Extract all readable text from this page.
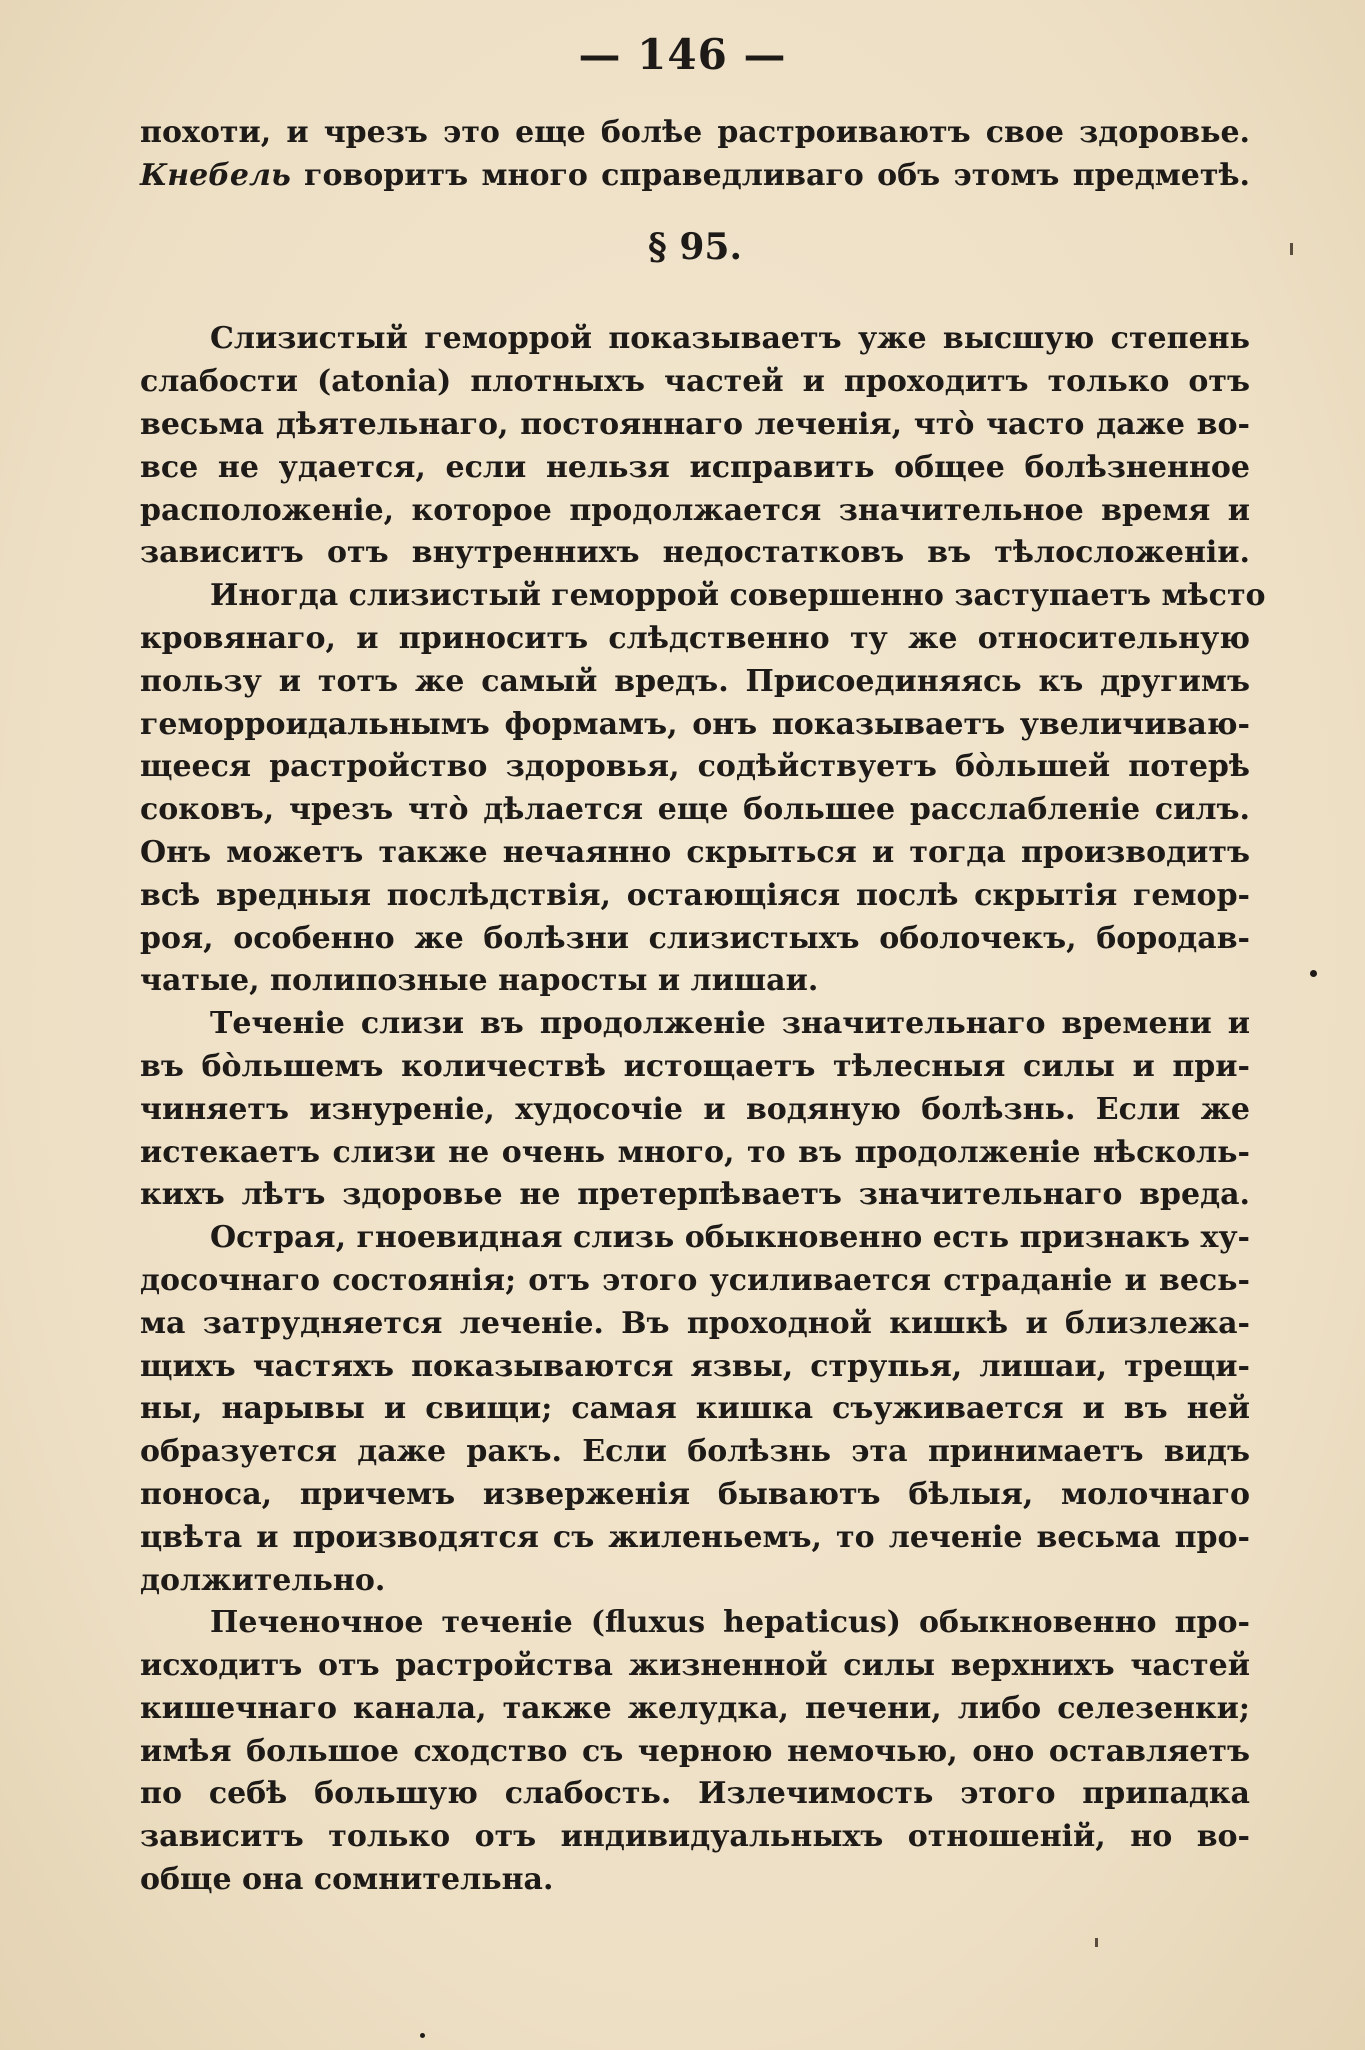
— 146 —
похоти, и чрезъ это еще болѣе растроиваютъ свое здоровье.
Кнебель говоритъ много справедливаго объ этомъ предметѣ.
§ 95.
Слизистый геморрой показываетъ уже высшую степень
слабости (atonia) плотныхъ частей и проходитъ только отъ
весьма дѣятельнаго, постояннаго леченія, чтò часто даже во-
все не удается, если нельзя исправить общее болѣзненное
расположеніе, которое продолжается значительное время и
зависитъ отъ внутреннихъ недостатковъ въ тѣлосложеніи.
Иногда слизистый геморрой совершенно заступаетъ мѣсто
кровянаго, и приноситъ слѣдственно ту же относительную
пользу и тотъ же самый вредъ. Присоединяясь къ другимъ
геморроидальнымъ формамъ, онъ показываетъ увеличиваю-
щееся растройство здоровья, содѣйствуетъ бòльшей потерѣ
соковъ, чрезъ чтò дѣлается еще большее расслабленіе силъ.
Онъ можетъ также нечаянно скрыться и тогда производитъ
всѣ вредныя послѣдствія, остающіяся послѣ скрытія гемор-
роя, особенно же болѣзни слизистыхъ оболочекъ, бородав-
чатые, полипозные наросты и лишаи.
Теченіе слизи въ продолженіе значительнаго времени и
въ бòльшемъ количествѣ истощаетъ тѣлесныя силы и при-
чиняетъ изнуреніе, худосочіе и водяную болѣзнь. Если же
истекаетъ слизи не очень много, то въ продолженіе нѣсколь-
кихъ лѣтъ здоровье не претерпѣваетъ значительнаго вреда.
Острая, гноевидная слизь обыкновенно есть признакъ ху-
досочнаго состоянія; отъ этого усиливается страданіе и весь-
ма затрудняется леченіе. Въ проходной кишкѣ и близлежа-
щихъ частяхъ показываются язвы, струпья, лишаи, трещи-
ны, нарывы и свищи; самая кишка съуживается и въ ней
образуется даже ракъ. Если болѣзнь эта принимаетъ видъ
поноса, причемъ изверженія бываютъ бѣлыя, молочнаго
цвѣта и производятся съ жиленьемъ, то леченіе весьма про-
должительно.
Печеночное теченіе (fluxus hepaticus) обыкновенно про-
исходитъ отъ растройства жизненной силы верхнихъ частей
кишечнаго канала, также желудка, печени, либо селезенки;
имѣя большое сходство съ черною немочью, оно оставляетъ
по себѣ большую слабость. Излечимость этого припадка
зависитъ только отъ индивидуальныхъ отношеній, но во-
обще она сомнительна.
